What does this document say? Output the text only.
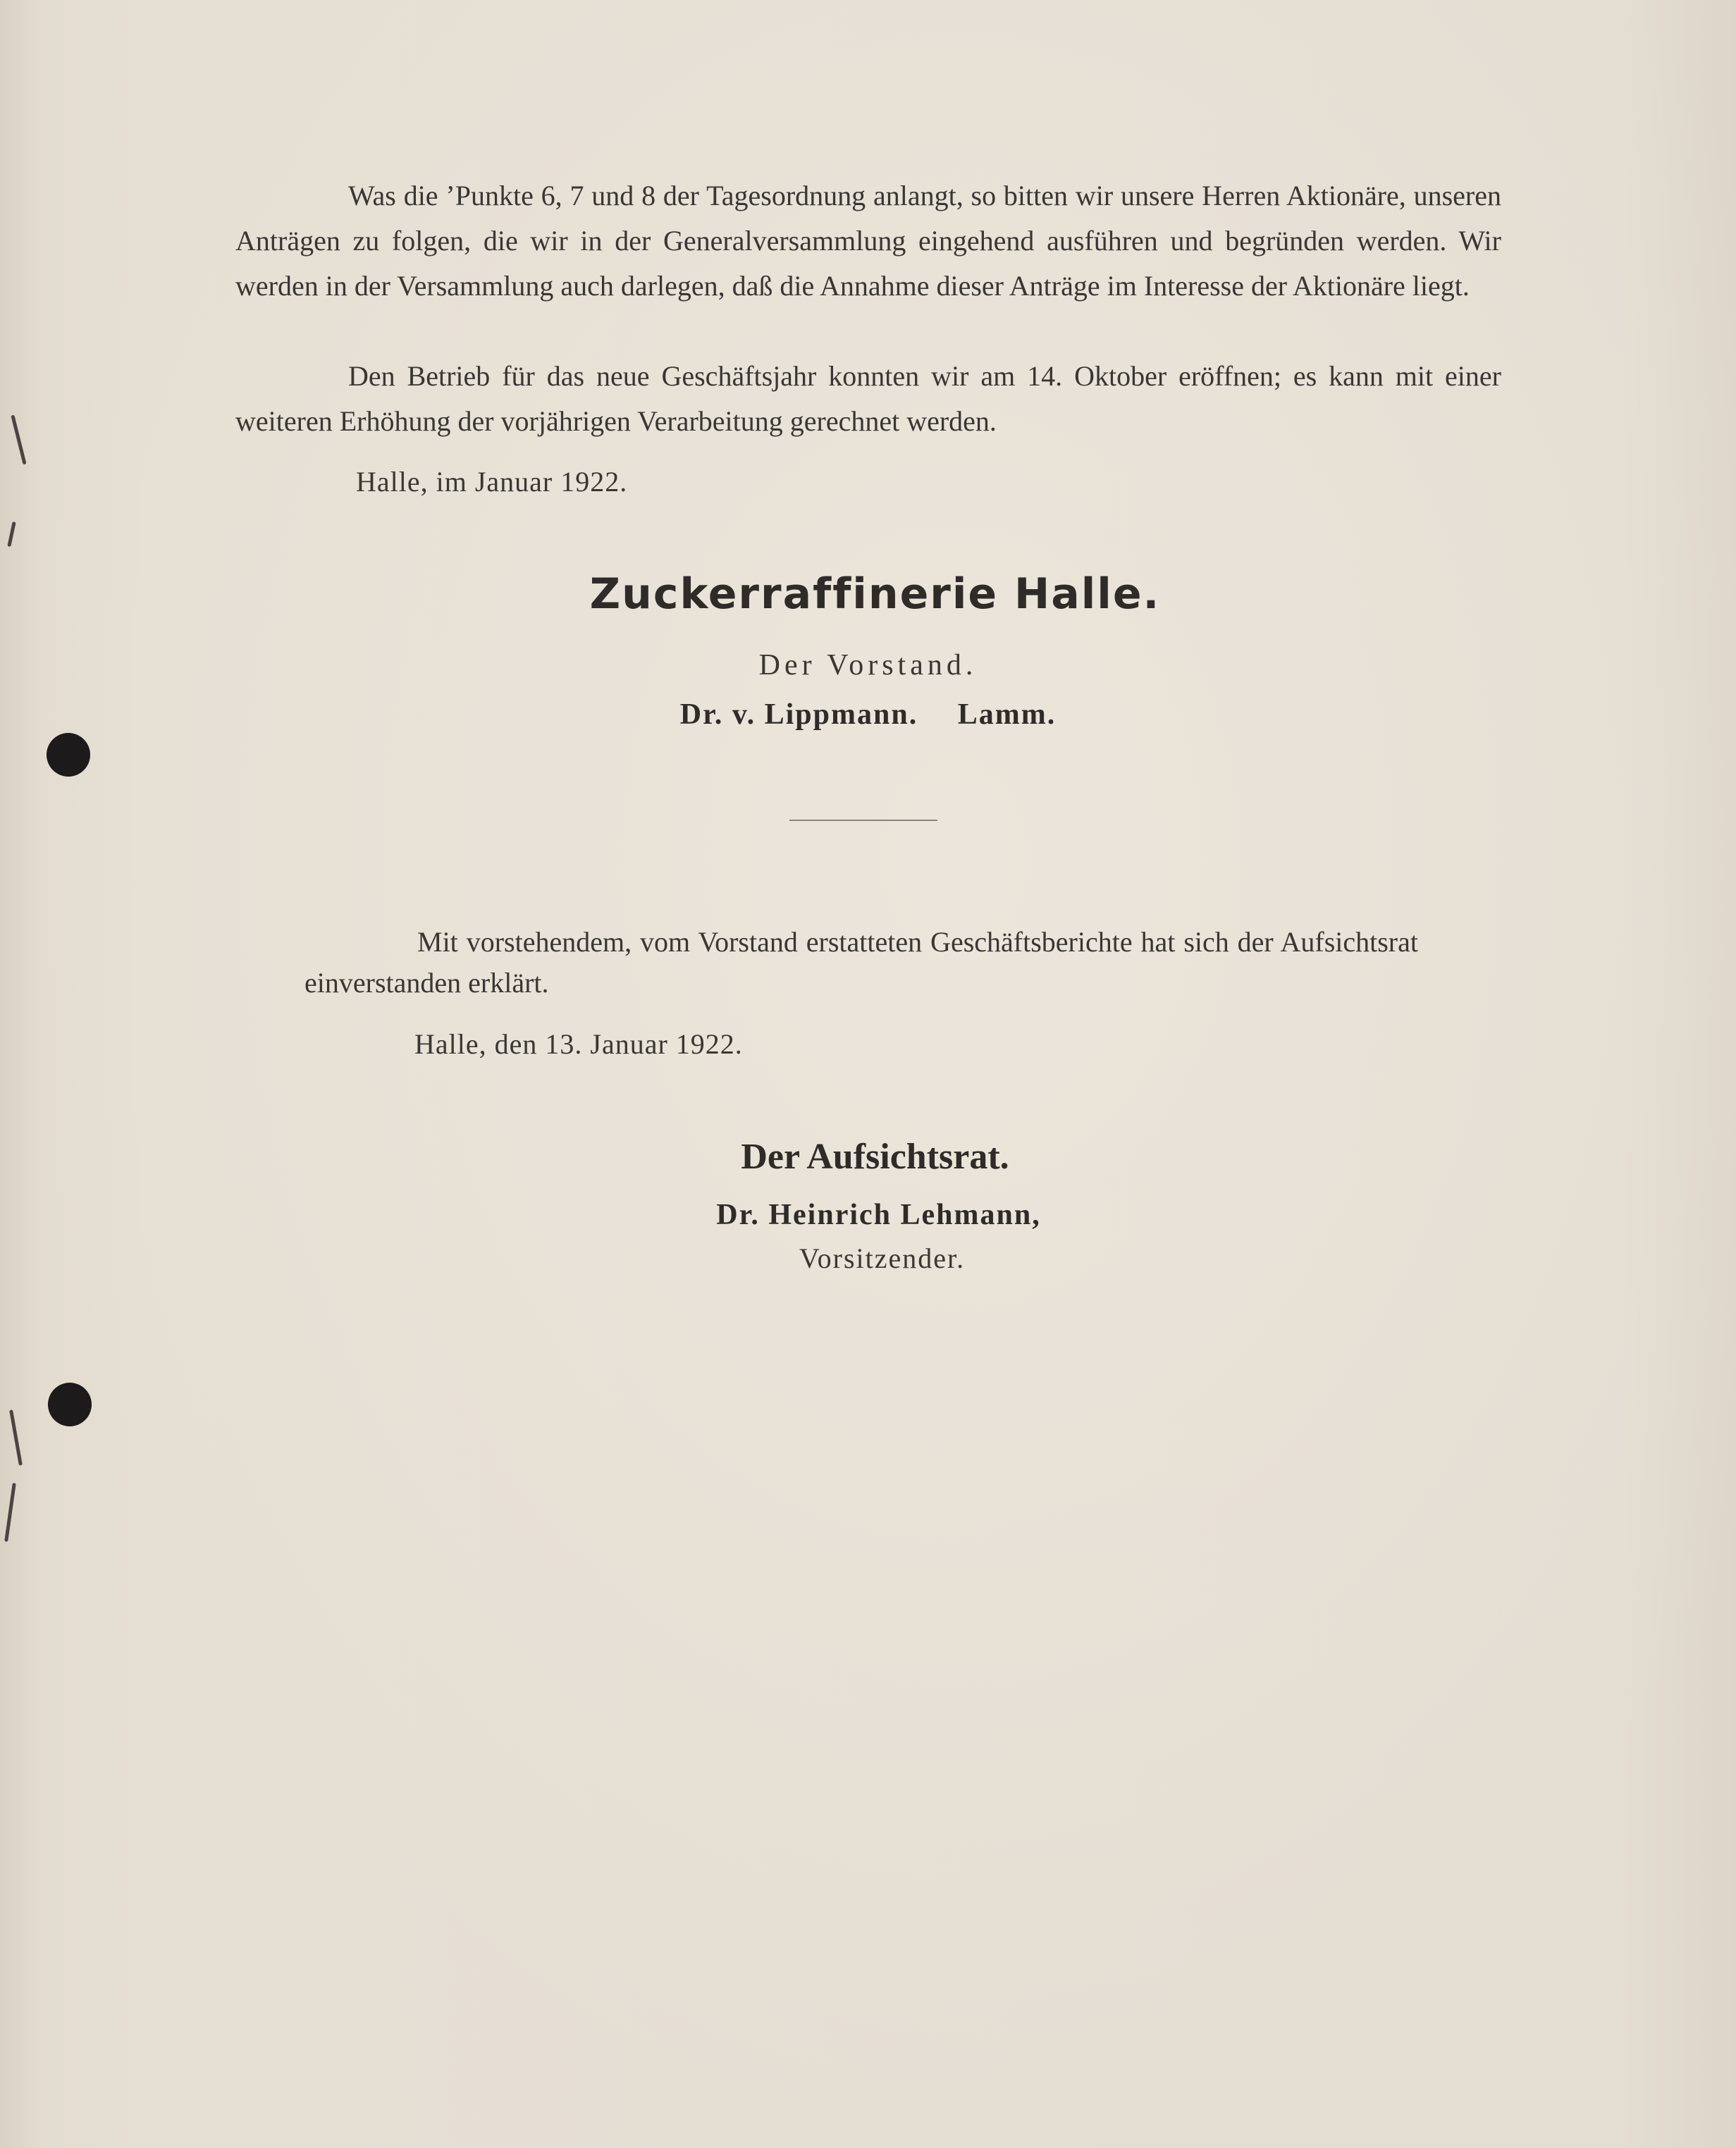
Was die ʼPunkte 6, 7 und 8 der Tagesordnung anlangt, so bitten wir unsere Herren Aktionäre, unseren Anträgen zu folgen, die wir in der Generalversammlung eingehend ausführen und begründen werden. Wir werden in der Versammlung auch darlegen, daß die Annahme dieser Anträge im Interesse der Aktionäre liegt.

Den Betrieb für das neue Geschäftsjahr konnten wir am 14. Oktober eröffnen; es kann mit einer weiteren Erhöhung der vorjährigen Verarbeitung gerechnet werden.

Halle, im Januar 1922.

Zuckerraffinerie Halle.

Der Vorstand.

Dr. v. Lippmann. Lamm.

Mit vorstehendem, vom Vorstand erstatteten Geschäftsberichte hat sich der Aufsichtsrat einverstanden erklärt.

Halle, den 13. Januar 1922.

Der Aufsichtsrat.

Dr. Heinrich Lehmann,

Vorsitzender.
